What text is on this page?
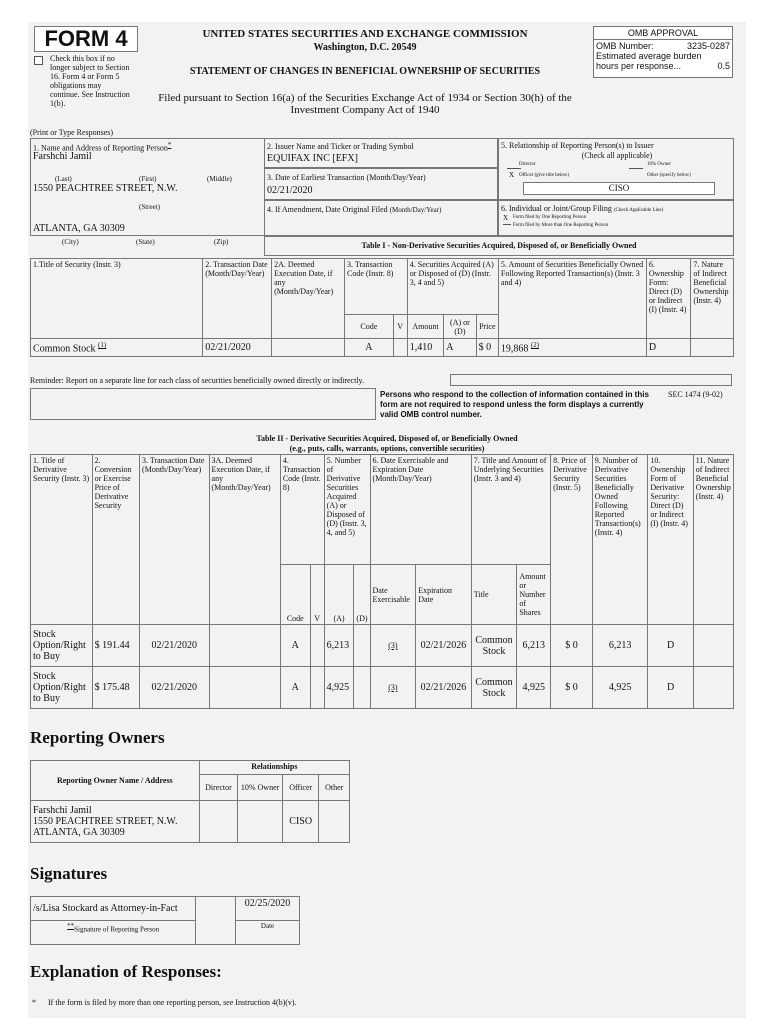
FORM 4
Check this box if no longer subject to Section 16. Form 4 or Form 5 obligations may continue. See Instruction 1(b).
UNITED STATES SECURITIES AND EXCHANGE COMMISSION
Washington, D.C. 20549
STATEMENT OF CHANGES IN BENEFICIAL OWNERSHIP OF SECURITIES
Filed pursuant to Section 16(a) of the Securities Exchange Act of 1934 or Section 30(h) of the Investment Company Act of 1940
OMB APPROVAL
OMB Number:	3235-0287
Estimated average burden
hours per response...	0.5
(Print or Type Responses)
1. Name and Address of Reporting Person*
Farshchi Jamil
(Last)	(First)	(Middle)
1550 PEACHTREE STREET, N.W.
(Street)
ATLANTA, GA 30309
(City)	(State)	(Zip)
2. Issuer Name and Ticker or Trading Symbol
EQUIFAX INC [EFX]
3. Date of Earliest Transaction (Month/Day/Year)
02/21/2020
4. If Amendment, Date Original Filed (Month/Day/Year)
5. Relationship of Reporting Person(s) to Issuer
(Check all applicable)
Director	10% Owner
X Officer (give title below)	Other (specify below)
CISO
6. Individual or Joint/Group Filing (Check Applicable Line)
X Form filed by One Reporting Person
Form filed by More than One Reporting Person
Table I - Non-Derivative Securities Acquired, Disposed of, or Beneficially Owned
1.Title of Security (Instr. 3)	2. Transaction Date (Month/Day/Year)	2A. Deemed Execution Date, if any (Month/Day/Year)	3. Transaction Code (Instr. 8)		4. Securities Acquired (A) or Disposed of (D) (Instr. 3, 4 and 5)			5. Amount of Securities Beneficially Owned Following Reported Transaction(s) (Instr. 3 and 4)	6. Ownership Form: Direct (D) or Indirect (I) (Instr. 4)	7. Nature of Indirect Beneficial Ownership (Instr. 4)
			Code	V	Amount	(A) or (D)	Price			
Common Stock $^{(1)}$	02/21/2020		A		1,410	A	$ 0	19,868 $^{(2)}$	D	
Reminder: Report on a separate line for each class of securities beneficially owned directly or indirectly.
Persons who respond to the collection of information contained in this form are not required to respond unless the form displays a currently valid OMB control number.
SEC 1474 (9-02)
Table II - Derivative Securities Acquired, Disposed of, or Beneficially Owned
(e.g., puts, calls, warrants, options, convertible securities)
1. Title of Derivative Security (Instr. 3)	2. Conversion or Exercise Price of Derivative Security	3. Transaction Date (Month/Day/Year)	3A. Deemed Execution Date, if any (Month/Day/Year)	4. Transaction Code (Instr. 8)		5. Number of Derivative Securities Acquired (A) or Disposed of (D) (Instr. 3, 4, and 5)		6. Date Exercisable and Expiration Date (Month/Day/Year)		7. Title and Amount of Underlying Securities (Instr. 3 and 4)		8. Price of Derivative Security (Instr. 5)	9. Number of Derivative Securities Beneficially Owned Following Reported Transaction(s) (Instr. 4)	10. Ownership Form of Derivative Security: Direct (D) or Indirect (I) (Instr. 4)	11. Nature of Indirect Beneficial Ownership (Instr. 4)
				Code	V	(A)	(D)	Date Exercisable	Expiration Date	Title	Amount or Number of Shares				
Stock Option/Right to Buy	$ 191.44	02/21/2020		A		6,213		(3)	02/21/2026	Common Stock	6,213	$ 0	6,213	D	
Stock Option/Right to Buy	$ 175.48	02/21/2020		A		4,925		(3)	02/21/2026	Common Stock	4,925	$ 0	4,925	D	
Reporting Owners
Reporting Owner Name / Address	Relationships			
	Director	10% Owner	Officer	Other

Farshchi Jamil
1550 PEACHTREE STREET, N.W.
ATLANTA, GA 30309			CISO	
Signatures
/s/Lisa Stockard as Attorney-in-Fact		02/25/2020
**Signature of Reporting Person		Date
Explanation of Responses:
* If the form is filed by more than one reporting person, see Instruction 4(b)(v).
